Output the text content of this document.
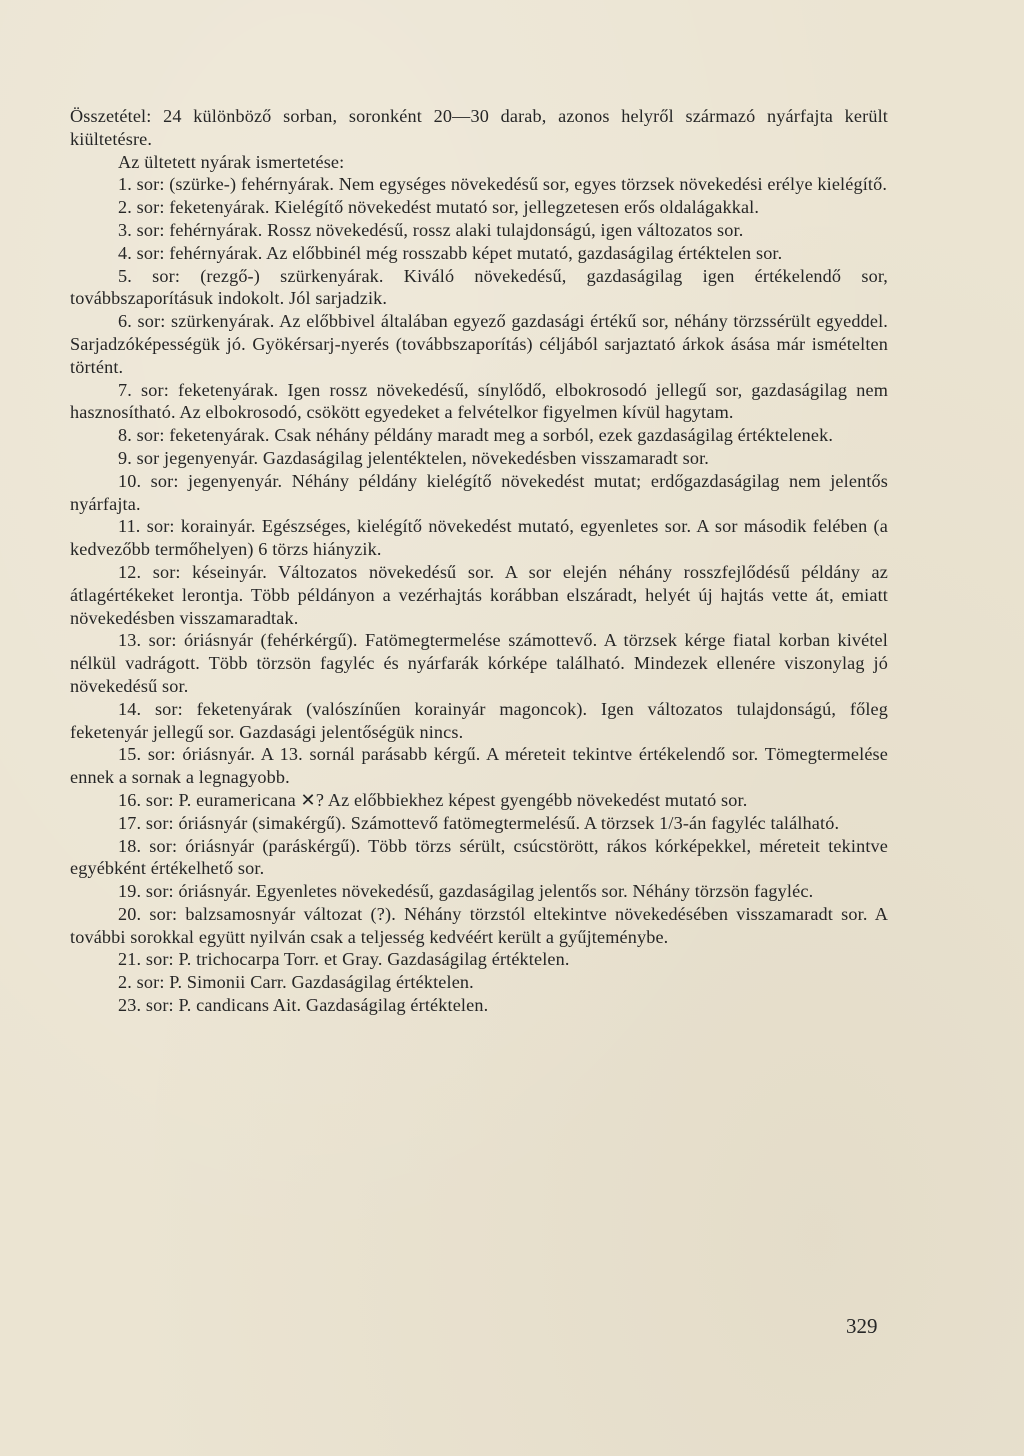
Összetétel: 24 különböző sorban, soronként 20—30 darab, azonos helyről származó nyárfajta került kiültetésre.

Az ültetett nyárak ismertetése:

1. sor: (szürke-) fehérnyárak. Nem egységes növekedésű sor, egyes törzsek növekedési erélye kielégítő.

2. sor: feketenyárak. Kielégítő növekedést mutató sor, jellegzetesen erős oldalágakkal.

3. sor: fehérnyárak. Rossz növekedésű, rossz alaki tulajdonságú, igen változatos sor.

4. sor: fehérnyárak. Az előbbinél még rosszabb képet mutató, gazdaságilag értéktelen sor.

5. sor: (rezgő-) szürkenyárak. Kiváló növekedésű, gazdaságilag igen értékelendő sor, továbbszaporításuk indokolt. Jól sarjadzik.

6. sor: szürkenyárak. Az előbbivel általában egyező gazdasági értékű sor, néhány törzssérült egyeddel. Sarjadzóképességük jó. Gyökérsarj-nyerés (továbbszaporítás) céljából sarjaztató árkok ásása már ismételten történt.

7. sor: feketenyárak. Igen rossz növekedésű, sínylődő, elbokrosodó jellegű sor, gazdaságilag nem hasznosítható. Az elbokrosodó, csökött egyedeket a felvételkor figyelmen kívül hagytam.

8. sor: feketenyárak. Csak néhány példány maradt meg a sorból, ezek gazdaságilag értéktelenek.

9. sor jegenyenyár. Gazdaságilag jelentéktelen, növekedésben visszamaradt sor.

10. sor: jegenyenyár. Néhány példány kielégítő növekedést mutat; erdőgazdaságilag nem jelentős nyárfajta.

11. sor: korainyár. Egészséges, kielégítő növekedést mutató, egyenletes sor. A sor második felében (a kedvezőbb termőhelyen) 6 törzs hiányzik.

12. sor: késeinyár. Változatos növekedésű sor. A sor elején néhány rosszfejlődésű példány az átlagértékeket lerontja. Több példányon a vezérhajtás korábban elszáradt, helyét új hajtás vette át, emiatt növekedésben visszamaradtak.

13. sor: óriásnyár (fehérkérgű). Fatömegtermelése számottevő. A törzsek kérge fiatal korban kivétel nélkül vadrágott. Több törzsön fagyléc és nyárfarák kórképe található. Mindezek ellenére viszonylag jó növekedésű sor.

14. sor: feketenyárak (valószínűen korainyár magoncok). Igen változatos tulajdonságú, főleg feketenyár jellegű sor. Gazdasági jelentőségük nincs.

15. sor: óriásnyár. A 13. sornál parásabb kérgű. A méreteit tekintve értékelendő sor. Tömegtermelése ennek a sornak a legnagyobb.

16. sor: P. euramericana ✕? Az előbbiekhez képest gyengébb növekedést mutató sor.

17. sor: óriásnyár (simakérgű). Számottevő fatömegtermelésű. A törzsek 1/3-án fagyléc található.

18. sor: óriásnyár (paráskérgű). Több törzs sérült, csúcstörött, rákos kórképekkel, méreteit tekintve egyébként értékelhető sor.

19. sor: óriásnyár. Egyenletes növekedésű, gazdaságilag jelentős sor. Néhány törzsön fagyléc.

20. sor: balzsamosnyár változat (?). Néhány törzstól eltekintve növekedésében visszamaradt sor. A további sorokkal együtt nyilván csak a teljesség kedvéért került a gyűjteménybe.

21. sor: P. trichocarpa Torr. et Gray. Gazdaságilag értéktelen.

2. sor: P. Simonii Carr. Gazdaságilag értéktelen.

23. sor: P. candicans Ait. Gazdaságilag értéktelen.

329
